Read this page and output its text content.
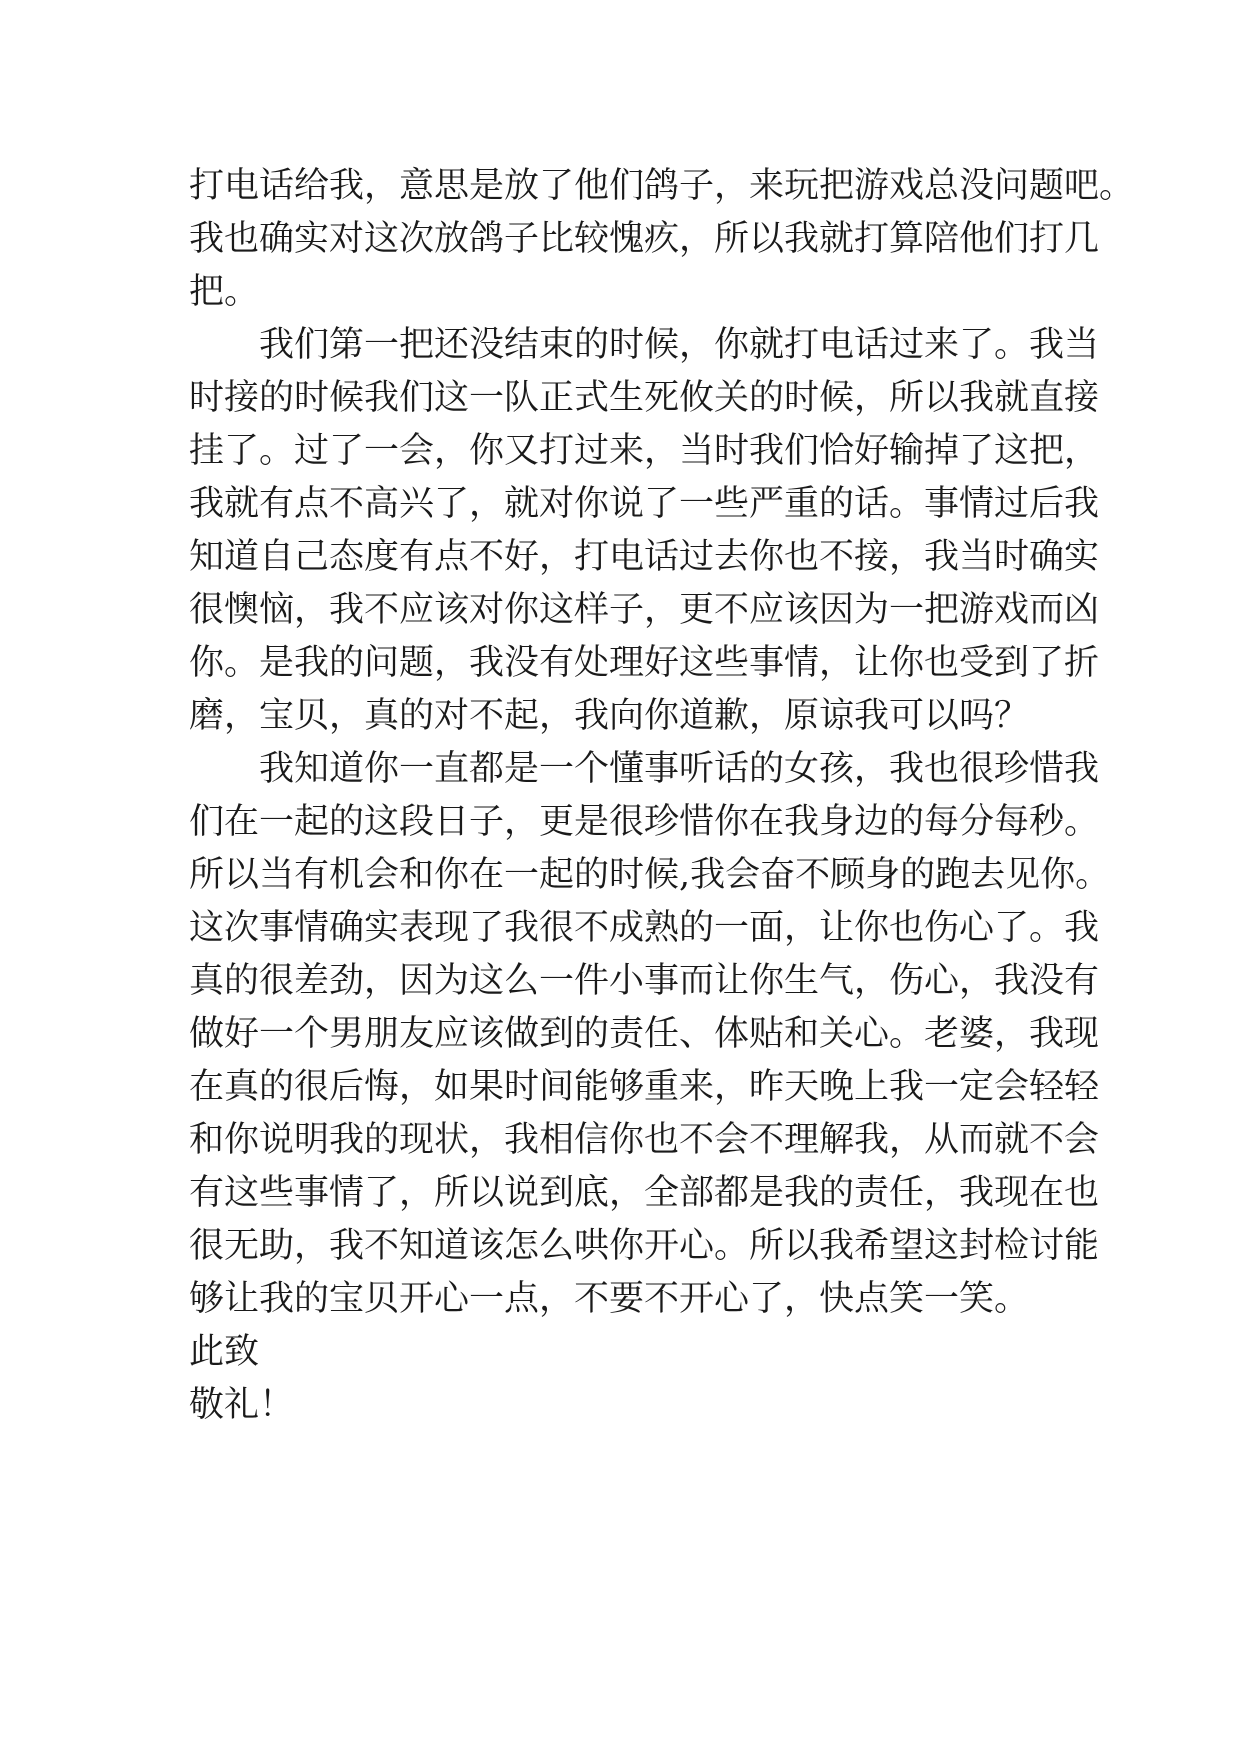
打电话给我，意思是放了他们鸽子，来玩把游戏总没问题吧。
我也确实对这次放鸽子比较愧疚，所以我就打算陪他们打几
把。
我们第一把还没结束的时候，你就打电话过来了。我当
时接的时候我们这一队正式生死攸关的时候，所以我就直接
挂了。过了一会，你又打过来，当时我们恰好输掉了这把，
我就有点不高兴了，就对你说了一些严重的话。事情过后我
知道自己态度有点不好，打电话过去你也不接，我当时确实
很懊恼，我不应该对你这样子，更不应该因为一把游戏而凶
你。是我的问题，我没有处理好这些事情，让你也受到了折
磨，宝贝，真的对不起，我向你道歉，原谅我可以吗？
我知道你一直都是一个懂事听话的女孩，我也很珍惜我
们在一起的这段日子，更是很珍惜你在我身边的每分每秒。
所以当有机会和你在一起的时候,我会奋不顾身的跑去见你。
这次事情确实表现了我很不成熟的一面，让你也伤心了。我
真的很差劲，因为这么一件小事而让你生气，伤心，我没有
做好一个男朋友应该做到的责任、体贴和关心。老婆，我现
在真的很后悔，如果时间能够重来，昨天晚上我一定会轻轻
和你说明我的现状，我相信你也不会不理解我，从而就不会
有这些事情了，所以说到底，全部都是我的责任，我现在也
很无助，我不知道该怎么哄你开心。所以我希望这封检讨能
够让我的宝贝开心一点，不要不开心了，快点笑一笑。
此致
敬礼！
